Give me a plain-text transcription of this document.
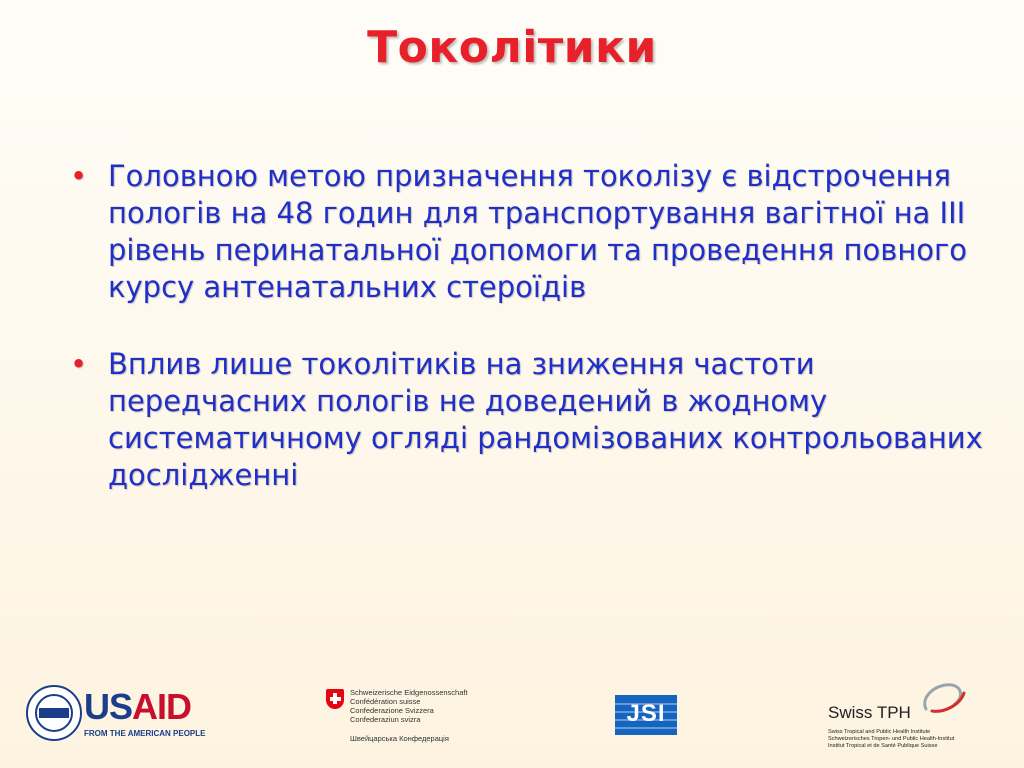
Токолітики
• Головною метою призначення токолізу є відстрочення пологів на 48 годин для транспортування вагітної на III рівень перинатальної допомоги та проведення повного курсу антенатальних стероїдів
• Вплив лише токолітиків на зниження частоти передчасних пологів не доведений в жодному систематичному огляді рандомізованих контрольованих дослідженні
USAID
FROM THE AMERICAN PEOPLE
Schweizerische Eidgenossenschaft
Confédération suisse
Confederazione Svizzera
Confederaziun svizra
Швейцарська Конфедерація
JSI	Swiss TPH
Swiss Tropical and Public Health Institute
Schweizerisches Tropen- und Public Health-Institut
Institut Tropical et de Santé Publique Suisse
